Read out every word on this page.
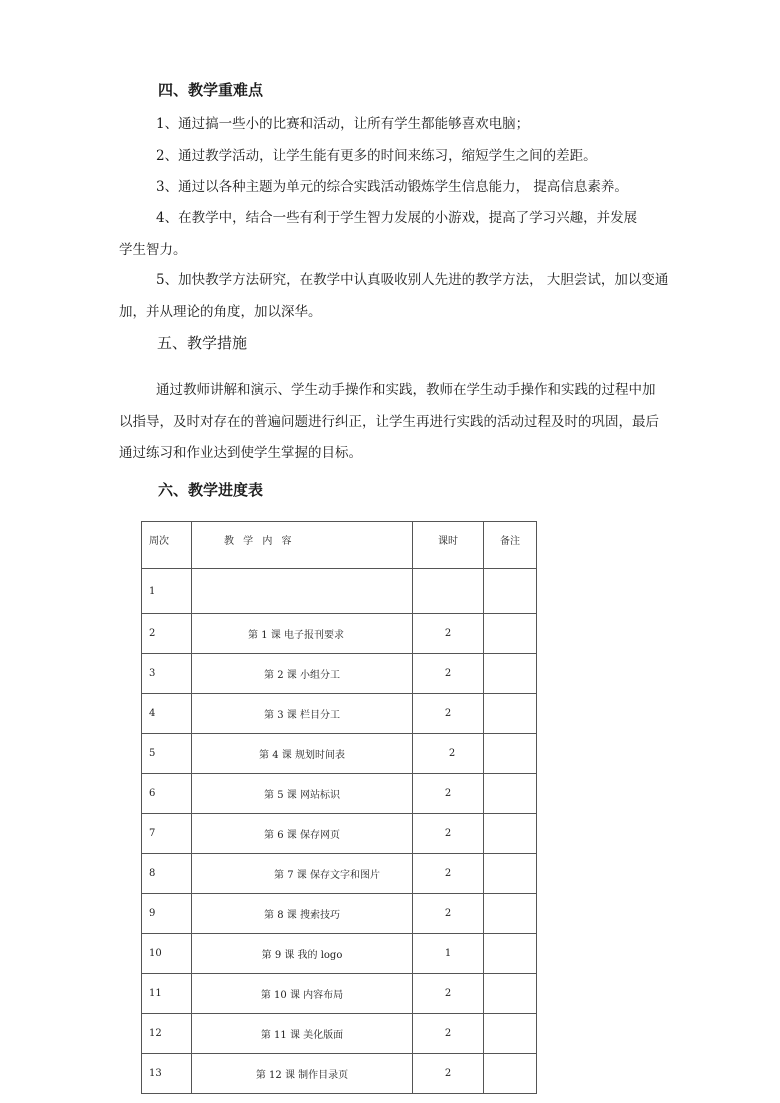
四、教学重难点
1、通过搞一些小的比赛和活动，让所有学生都能够喜欢电脑；
2、通过教学活动，让学生能有更多的时间来练习，缩短学生之间的差距。
3、通过以各种主题为单元的综合实践活动锻炼学生信息能力， 提高信息素养。
4、在教学中，结合一些有利于学生智力发展的小游戏，提高了学习兴趣，并发展
学生智力。
5、加快教学方法研究，在教学中认真吸收别人先进的教学方法， 大胆尝试，加以变通
加，并从理论的角度，加以深华。
五、教学措施
通过教师讲解和演示、学生动手操作和实践，教师在学生动手操作和实践的过程中加
以指导，及时对存在的普遍问题进行纠正，让学生再进行实践的活动过程及时的巩固，最后
通过练习和作业达到使学生掌握的目标。
六、教学进度表
周次	教 学 内 容	课时	备注
1			
2	第 1 课 电子报刊要求	2	
3	第 2 课 小组分工	2	
4	第 3 课 栏目分工	2	
5	第 4 课 规划时间表	2	
6	第 5 课 网站标识	2	
7	第 6 课 保存网页	2	
8	第 7 课 保存文字和图片	2	
9	第 8 课 搜索技巧	2	
10	第 9 课 我的 logo	1	
11	第 10 课 内容布局	2	
12	第 11 课 美化版面	2	
13	第 12 课 制作目录页	2	
